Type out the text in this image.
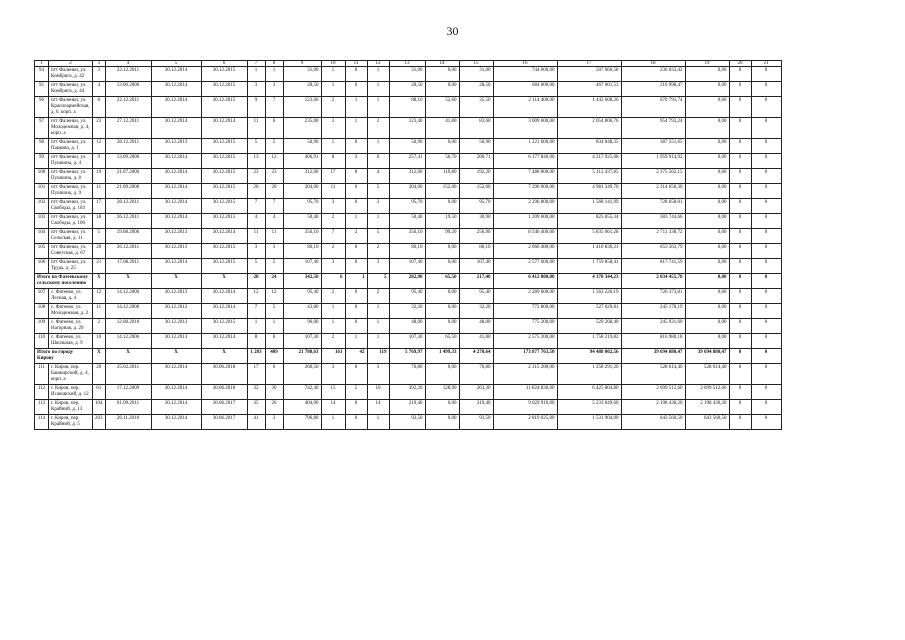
30
1	2	3	4	5	6	7	8	9	10	11	12	13	14	15	16	17	18	19	20	21
94	пгт Фаленки, ул. Комбрига, д. 42	3	22.12.2011	30.12.2014	30.12.2015	1	1	31,00	1	0	1	31,00	0,00	31,00	744 000,00	507 966,58	236 033,42	0,00	0	0
95	пгт Фаленки, ул. Комбрига, д. 44	4	13.06.2006	30.12.2014	30.12.2015	3	3	28,50	1	0	1	28,50	0,00	28,50	684 000,00	467 001,53	216 998,47	0,00	0	0
96	пгт Фаленки, ул. Красноармейская, д. 6, корп. а	8	22.12.2011	30.12.2014	30.12.2015	9	7	123,60	2	1	1	88,10	52,60	35,50	2 114 400,00	1 443 608,26	670 791,74	0,00	0	0
97	пгт Фаленки, ул. Молодежная, д. 4, корп. а	23	27.12.2011	30.12.2014	30.12.2014	11	6	235,00	3	1	2	123,40	41,80	83,60	3 009 600,00	2 054 806,76	954 793,24	0,00	0	0
98	пгт Фаленки, ул. Пацкова, д. 1	12	28.12.2011	30.12.2013	30.12.2015	5	5	50,90	1	0	1	50,90	0,00	50,90	1 221 600,00	834 048,35	387 551,65	0,00	0	0
99	пгт Фаленки, ул. Пушкина, д. 4	9	13.09.2006	30.12.2014	30.12.2015	13	12	466,91	8	2	6	257,41	56,70	200,71	6 177 840,00	4 217 925,08	1 959 914,92	0,00	0	0
100	пгт Фаленки, ул. Пушкина, д. 8	10	21.07.2006	30.12.2014	30.12.2015	23	23	312,00	17	8	4	312,00	119,80	192,20	7 488 000,00	5 112 437,85	2 375 562,15	0,00	0	0
101	пгт Фаленки, ул. Пушкина, д. 9	11	21.09.2006	30.12.2014	30.12.2015	20	20	304,00	11	6	5	304,00	152,00	152,00	7 296 000,00	4 981 349,70	2 314 650,30	0,00	0	0
102	пгт Фаленки, ул. Свободы, д. 103	17	28.12.2011	30.12.2014	30.12.2015	7	7	95,70	3	0	3	95,70	0,00	95,70	2 296 800,00	1 568 141,99	728 658,01	0,00	0	0
103	пгт Фаленки, ул. Свободы, д. 106	18	26.12.2011	30.12.2014	30.12.2015	4	4	50,40	2	1	1	50,40	19,50	30,90	1 209 600,00	825 855,34	383 744,66	0,00	0	0
104	пгт Фаленки, ул. Сельская, д. 11	5	19.08.2006	30.12.2013	30.12.2014	11	11	356,10	7	2	5	356,10	99,20	256,90	8 546 400,00	5 835 061,28	2 711 338,72	0,00	0	0
105	пгт Фаленки, ул. Советская, д. 67	20	26.12.2011	30.12.2013	30.12.2015	3	3	86,10	2	0	2	86,10	0,00	86,10	2 066 400,00	1 410 836,21	655 563,79	0,00	0	0
106	пгт Фаленки, ул. Труда, д. 25	21	17.08.2011	30.12.2014	30.12.2015	5	5	107,40	3	0	3	107,40	0,00	107,40	2 577 600,00	1 759 858,41	817 741,59	0,00	0	0
Итого по Фатеевскому сельскому поселению		X	X	X	X	28	24	342,50	6	1	5	282,90	65,50	217,40	6 412 800,00	4 378 344,23	2 034 455,78	0,00	0	0
107	с. Фатеево, ул. Лесная, д. 4	12	14.12.2006	30.12.2013	30.12.2014	12	12	95,40	2	0	2	95,40	0,00	95,40	2 289 600,00	1 563 226,19	726 373,81	0,00	0	0
108	с. Фатеево, ул. Молодежная, д. 2	11	14.12.2006	30.12.2013	30.12.2014	7	5	43,80	1	0	1	32,20	0,00	32,20	772 800,00	527 629,81	245 170,19	0,00	0	0
109	с. Фатеево, ул. Нагорная, д. 20	2	12.08.2010	30.12.2013	30.12.2015	1	1	96,00	1	0	1	48,00	0,00	48,00	775 200,00	529 268,40	245 931,60	0,00	0	0
110	с. Фатеево, ул. Школьная, д. 9	10	14.12.2006	30.12.2013	30.12.2014	8	8	107,30	2	1	1	107,30	65,50	41,80	2 575 200,00	1 758 219,82	816 980,18	0,00	0	0
Итого по городу Кирову		X	X	X	X	1 203	409	21 780,63	161	42	119	5 769,97	1 499,33	4 270,64	173 877 763,50	94 488 002,56	39 694 880,47	39 694 880,47	0	0
111	г. Киров, пер. Башкирский, д. 4, корп. а	20	25.02.2011	30.12.2014	30.06.2018	17	6	260,50	3	0	3	76,80	0,00	76,80	2 315 200,00	1 258 291,20	528 614,40	528 614,40	0	0
112	г. Киров, пер. Исаковский, д. 12	61	17.12.2009	30.12.2014	30.06.2018	32	30	742,40	15	5	10	392,20	128,90	263,30	11 824 830,00	6 425 804,80	2 699 512,60	2 699 512,60	0	0
113	г. Киров, пер. Крайний, д. 13	104	01.09.2011	30.12.2014	30.06.2017	35	26	404,90	14	0	14	319,40	0,00	319,40	9 629 910,00	5 233 049,60	2 198 430,20	2 198 430,20	0	0
114	г. Киров, пер. Крайний, д. 5	203	26.11.2010	30.12.2014	30.06.2017	41	3	796,80	1	0	1	93,50	0,00	93,50	2 819 025,00	1 531 904,00	643 560,50	643 560,50	0	0
